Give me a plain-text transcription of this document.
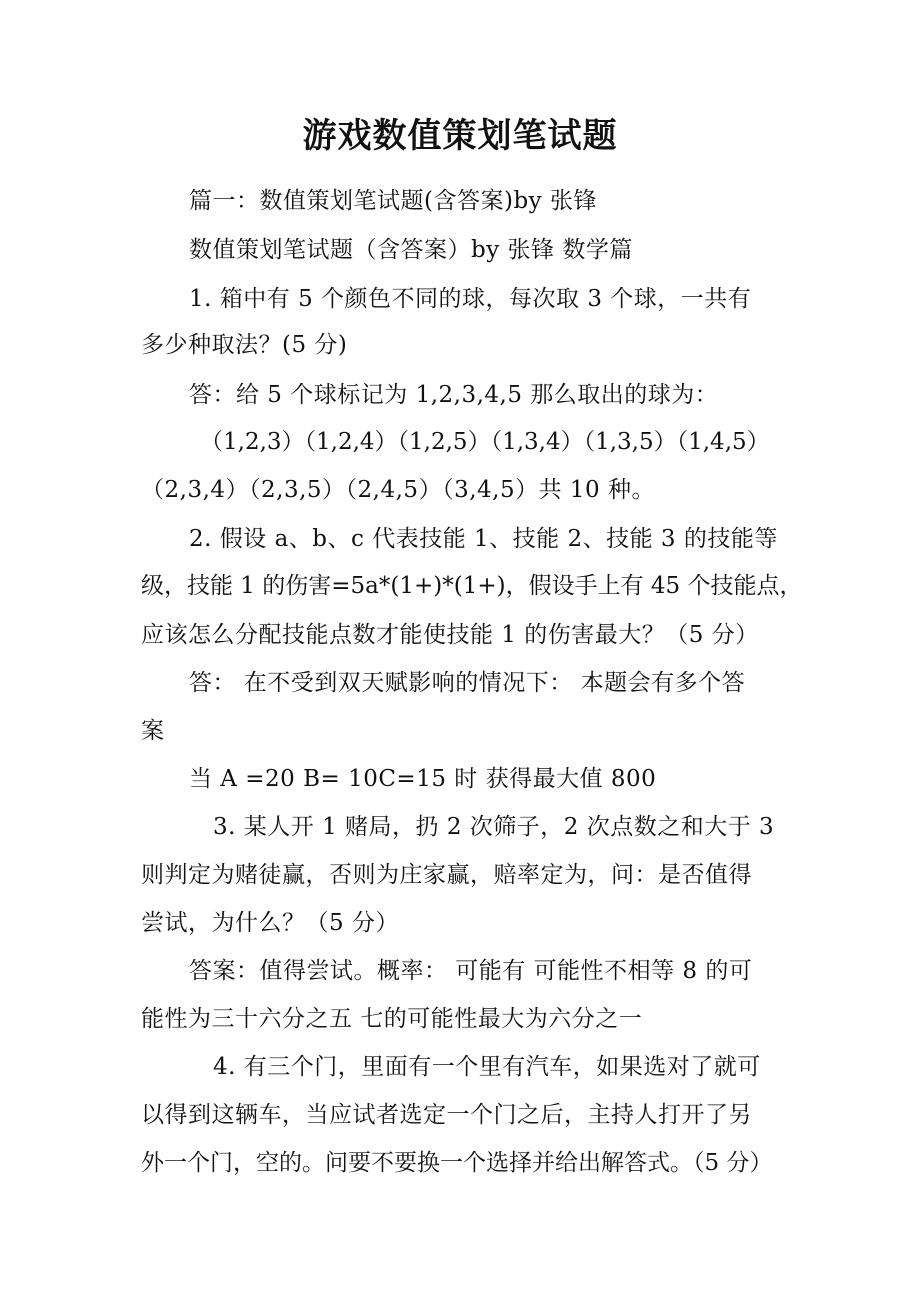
游戏数值策划笔试题
篇一：数值策划笔试题(含答案)by 张锋
数值策划笔试题（含答案）by 张锋 数学篇
1. 箱中有 5 个颜色不同的球，每次取 3 个球，一共有
多少种取法？(5 分)
答：给 5 个球标记为 1,2,3,4,5 那么取出的球为：
（1,2,3）（1,2,4）（1,2,5）（1,3,4）（1,3,5）（1,4,5）
（2,3,4）（2,3,5）（2,4,5）（3,4,5）共 10 种。
2. 假设 a、b、c 代表技能 1、技能 2、技能 3 的技能等
级，技能 1 的伤害=5a*(1+)*(1+)，假设手上有 45 个技能点，
应该怎么分配技能点数才能使技能 1 的伤害最大？（5 分）
答： 在不受到双天赋影响的情况下： 本题会有多个答
案
当 A =20 B= 10C=15 时 获得最大值 800
3. 某人开 1 赌局，扔 2 次筛子，2 次点数之和大于 3
则判定为赌徒赢，否则为庄家赢，赔率定为，问：是否值得
尝试，为什么？（5 分）
答案：值得尝试。概率： 可能有 可能性不相等 8 的可
能性为三十六分之五 七的可能性最大为六分之一
4. 有三个门，里面有一个里有汽车，如果选对了就可
以得到这辆车，当应试者选定一个门之后，主持人打开了另
外一个门，空的。问要不要换一个选择并给出解答式。（5 分）
